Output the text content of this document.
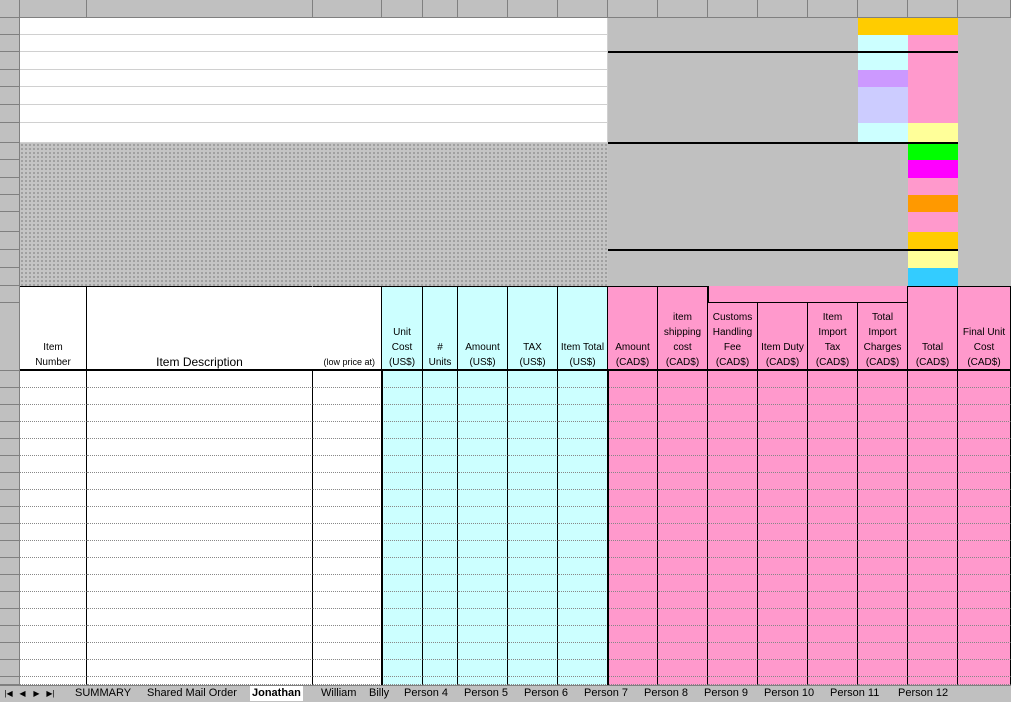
Item
Number	Item Description	(low price at)
Unit
Cost
(US$)
#
Units
Amount
(US$)
TAX
(US$)
Item Total
(US$)
Amount
(CAD$)
item
shipping
cost
(CAD$)
Customs
Handling
Fee
(CAD$)
Item Duty
(CAD$)
Item
Import
Tax
(CAD$)
Total
Import
Charges
(CAD$)
Total
(CAD$)
Final Unit
Cost
(CAD$)
|◀ ◀ ▶ ▶| SUMMARY Shared Mail Order Jonathan William Billy Person 4 Person 5 Person 6 Person 7 Person 8 Person 9 Person 10 Person 11 Person 12
